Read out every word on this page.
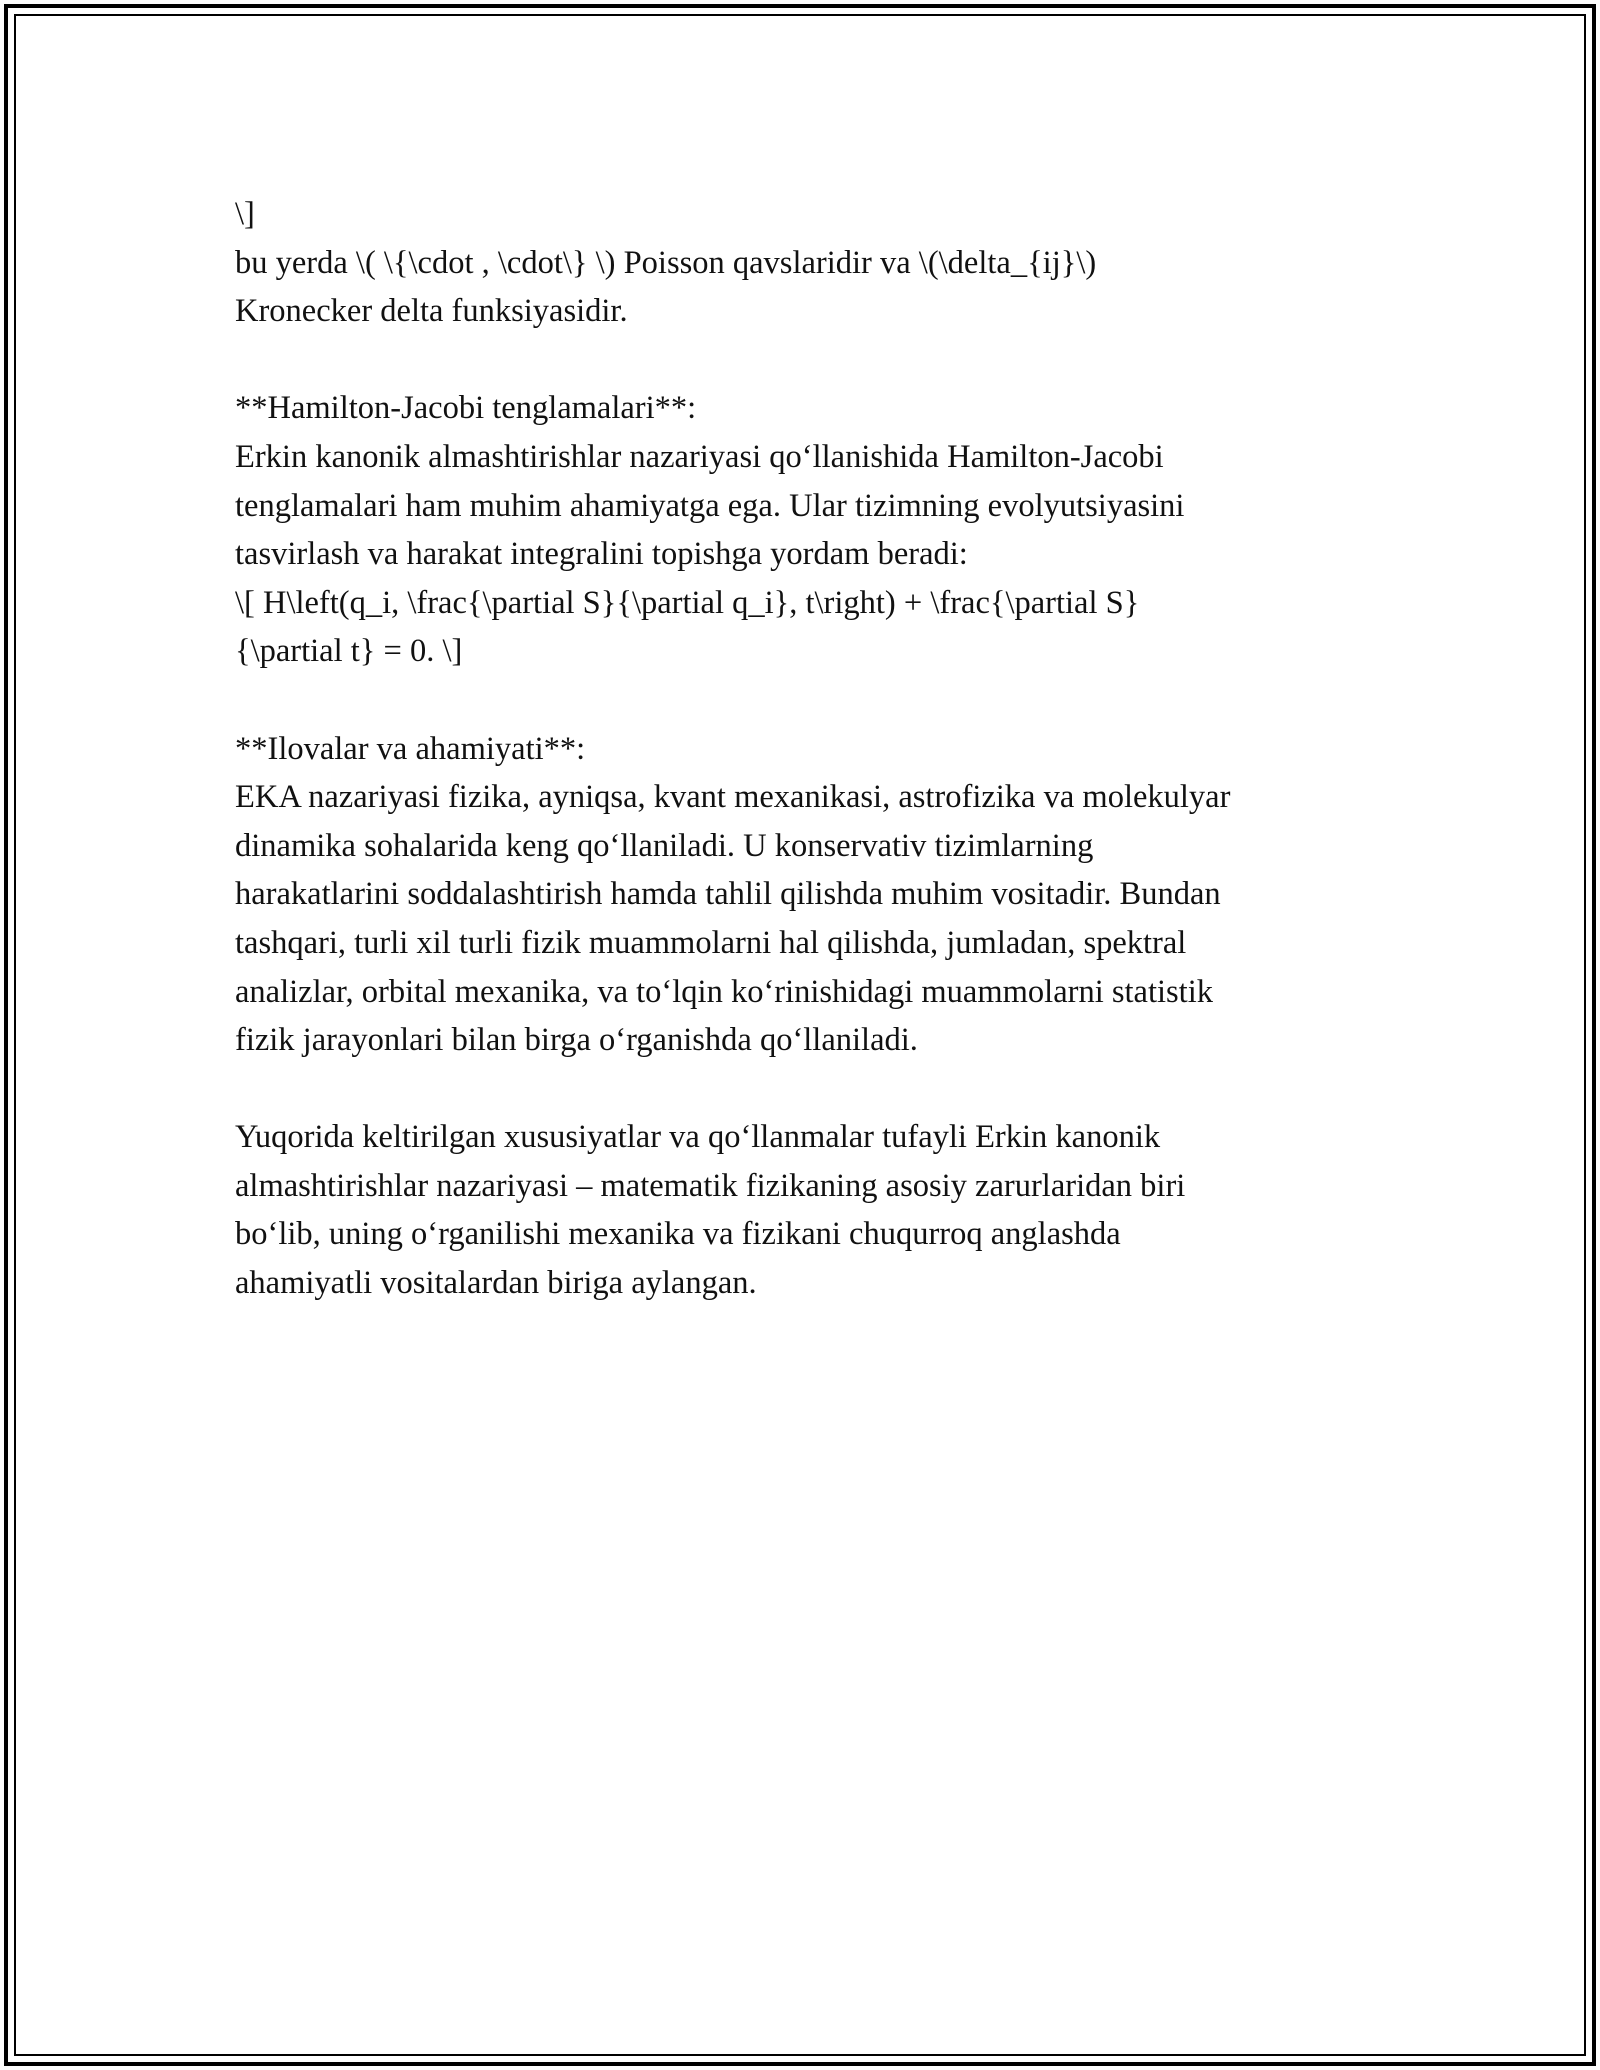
\]
bu yerda \( \{\cdot , \cdot\} \) Poisson qavslaridir va \(\delta_{ij}\)
Kronecker delta funksiyasidir.
**Hamilton-Jacobi tenglamalari**:
Erkin kanonik almashtirishlar nazariyasi qo‘llanishida Hamilton-Jacobi
tenglamalari ham muhim ahamiyatga ega. Ular tizimning evolyutsiyasini
tasvirlash va harakat integralini topishga yordam beradi:
\[ H\left(q_i, \frac{\partial S}{\partial q_i}, t\right) + \frac{\partial S}
{\partial t} = 0. \]
**Ilovalar va ahamiyati**:
EKA nazariyasi fizika, ayniqsa, kvant mexanikasi, astrofizika va molekulyar
dinamika sohalarida keng qo‘llaniladi. U konservativ tizimlarning
harakatlarini soddalashtirish hamda tahlil qilishda muhim vositadir. Bundan
tashqari, turli xil turli fizik muammolarni hal qilishda, jumladan, spektral
analizlar, orbital mexanika, va to‘lqin ko‘rinishidagi muammolarni statistik
fizik jarayonlari bilan birga o‘rganishda qo‘llaniladi.
Yuqorida keltirilgan xususiyatlar va qo‘llanmalar tufayli Erkin kanonik
almashtirishlar nazariyasi – matematik fizikaning asosiy zarurlaridan biri
bo‘lib, uning o‘rganilishi mexanika va fizikani chuqurroq anglashda
ahamiyatli vositalardan biriga aylangan.
